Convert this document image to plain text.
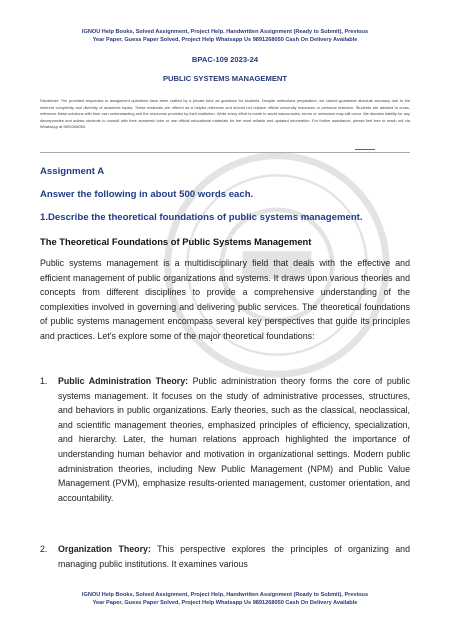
IGNOU Help Books, Solved Assignment, Project Help, Handwritten Assignment (Ready to Submit), Previous
Year Paper, Guess Paper Solved, Project Help Whatsapp Us 9891268050 Cash On Delivery Available
BPAC-109 2023-24
PUBLIC SYSTEMS MANAGEMENT
Disclaimer: The provided responses to assignment questions have been crafted by a private tutor as guidance for students. Despite meticulous preparation, we cannot guarantee absolute accuracy due to the inherent complexity and diversity of academic topics. These materials are offered as a helpful reference and should not replace official university resources or personal research. Students are advised to cross-reference these solutions with their own understanding and the resources provided by their institution. While every effort is made to avoid inaccuracies, errors or omissions may still occur. We disclaim liability for any discrepancies and advise students to consult with their academic tutor or use official educational materials for the most reliable and updated information. For further assistance, please feel free to reach out via WhatsApp at 9891268050.
Assignment A
Answer the following in about 500 words each.
1.Describe the theoretical foundations of public systems management.
The Theoretical Foundations of Public Systems Management
Public systems management is a multidisciplinary field that deals with the effective and efficient management of public organizations and systems. It draws upon various theories and concepts from different disciplines to provide a comprehensive understanding of the complexities involved in governing and delivering public services. The theoretical foundations of public systems management encompass several key perspectives that guide its principles and practices. Let's explore some of the major theoretical foundations:
1. Public Administration Theory: Public administration theory forms the core of public systems management. It focuses on the study of administrative processes, structures, and behaviors in public organizations. Early theories, such as the classical, neoclassical, and scientific management theories, emphasized principles of efficiency, specialization, and hierarchy. Later, the human relations approach highlighted the importance of understanding human behavior and motivation in organizational settings. Modern public administration theories, including New Public Management (NPM) and Public Value Management (PVM), emphasize results-oriented management, customer orientation, and accountability.
2. Organization Theory: This perspective explores the principles of organizing and managing public institutions. It examines various
IGNOU Help Books, Solved Assignment, Project Help, Handwritten Assignment (Ready to Submit), Previous
Year Paper, Guess Paper Solved, Project Help Whatsapp Us 9891268050 Cash On Delivery Available
